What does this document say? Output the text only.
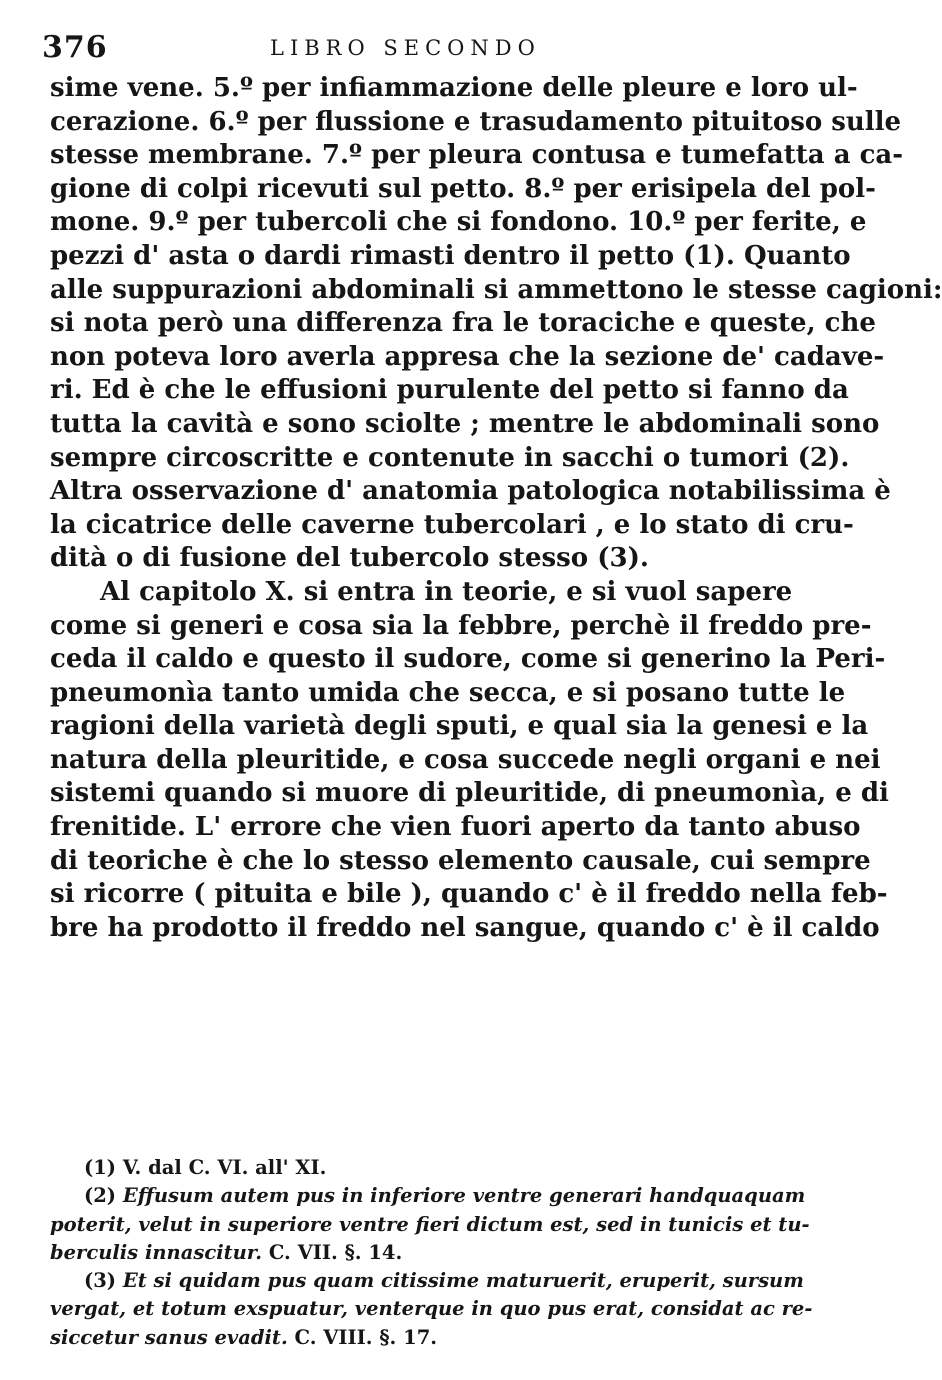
376	LIBRO SECONDO
sime vene. 5.º per infiammazione delle pleure e loro ul-
cerazione. 6.º per flussione e trasudamento pituitoso sulle
stesse membrane. 7.º per pleura contusa e tumefatta a ca-
gione di colpi ricevuti sul petto. 8.º per erisipela del pol-
mone. 9.º per tubercoli che si fondono. 10.º per ferite, e
pezzi d' asta o dardi rimasti dentro il petto (1). Quanto
alle suppurazioni abdominali si ammettono le stesse cagioni:
si nota però una differenza fra le toraciche e queste, che
non poteva loro averla appresa che la sezione de' cadave-
ri. Ed è che le effusioni purulente del petto si fanno da
tutta la cavità e sono sciolte ; mentre le abdominali sono
sempre circoscritte e contenute in sacchi o tumori (2).
Altra osservazione d' anatomia patologica notabilissima è
la cicatrice delle caverne tubercolari , e lo stato di cru-
dità o di fusione del tubercolo stesso (3).
Al capitolo X. si entra in teorie, e si vuol sapere
come si generi e cosa sia la febbre, perchè il freddo pre-
ceda il caldo e questo il sudore, come si generino la Peri-
pneumonìa tanto umida che secca, e si posano tutte le
ragioni della varietà degli sputi, e qual sia la genesi e la
natura della pleuritide, e cosa succede negli organi e nei
sistemi quando si muore di pleuritide, di pneumonìa, e di
frenitide. L' errore che vien fuori aperto da tanto abuso
di teoriche è che lo stesso elemento causale, cui sempre
si ricorre ( pituita e bile ), quando c' è il freddo nella feb-
bre ha prodotto il freddo nel sangue, quando c' è il caldo
(1) V. dal C. VI. all' XI.
(2) Effusum autem pus in inferiore ventre generari handquaquam
poterit, velut in superiore ventre fieri dictum est, sed in tunicis et tu-
berculis innascitur. C. VII. §. 14.
(3) Et si quidam pus quam citissime maturuerit, eruperit, sursum
vergat, et totum exspuatur, venterque in quo pus erat, considat ac re-
siccetur sanus evadit. C. VIII. §. 17.
